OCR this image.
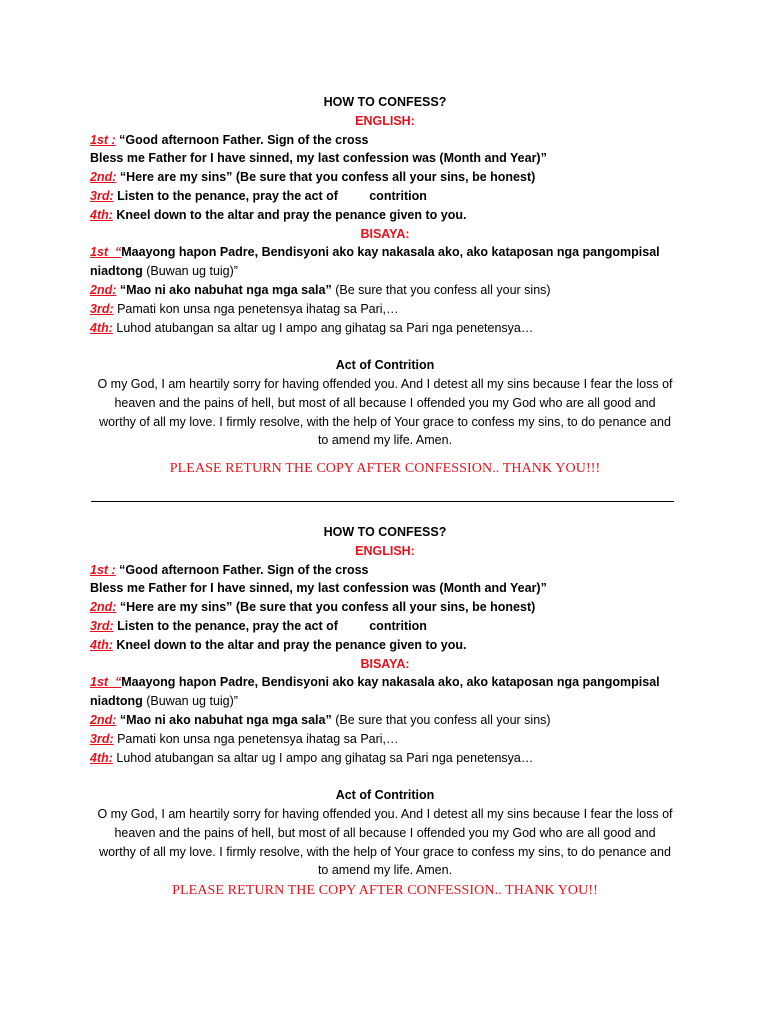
HOW TO CONFESS?
ENGLISH:
1st : “Good afternoon Father. Sign of the cross
Bless me Father for I have sinned, my last confession was (Month and Year)”
2nd: “Here are my sins” (Be sure that you confess all your sins, be honest)
3rd: Listen to the penance, pray the act of         contrition
4th: Kneel down to the altar and pray the penance given to you.
BISAYA:
1st  “Maayong hapon Padre, Bendisyoni ako kay nakasala ako, ako kataposan nga pangompisal
niadtong (Buwan ug tuig)”
2nd: “Mao ni ako nabuhat nga mga sala” (Be sure that you confess all your sins)
3rd: Pamati kon unsa nga penetensya ihatag sa Pari,…
4th: Luhod atubangan sa altar ug I ampo ang gihatag sa Pari nga penetensya…
Act of Contrition
O my God, I am heartily sorry for having offended you. And I detest all my sins because I fear the loss of
heaven and the pains of hell, but most of all because I offended you my God who are all good and
worthy of all my love. I firmly resolve, with the help of Your grace to confess my sins, to do penance and
to amend my life. Amen.
PLEASE RETURN THE COPY AFTER CONFESSION.. THANK YOU!!!
HOW TO CONFESS?
ENGLISH:
1st : “Good afternoon Father. Sign of the cross
Bless me Father for I have sinned, my last confession was (Month and Year)”
2nd: “Here are my sins” (Be sure that you confess all your sins, be honest)
3rd: Listen to the penance, pray the act of         contrition
4th: Kneel down to the altar and pray the penance given to you.
BISAYA:
1st  “Maayong hapon Padre, Bendisyoni ako kay nakasala ako, ako kataposan nga pangompisal
niadtong (Buwan ug tuig)”
2nd: “Mao ni ako nabuhat nga mga sala” (Be sure that you confess all your sins)
3rd: Pamati kon unsa nga penetensya ihatag sa Pari,…
4th: Luhod atubangan sa altar ug I ampo ang gihatag sa Pari nga penetensya…
Act of Contrition
O my God, I am heartily sorry for having offended you. And I detest all my sins because I fear the loss of
heaven and the pains of hell, but most of all because I offended you my God who are all good and
worthy of all my love. I firmly resolve, with the help of Your grace to confess my sins, to do penance and
to amend my life. Amen.
PLEASE RETURN THE COPY AFTER CONFESSION.. THANK YOU!!
